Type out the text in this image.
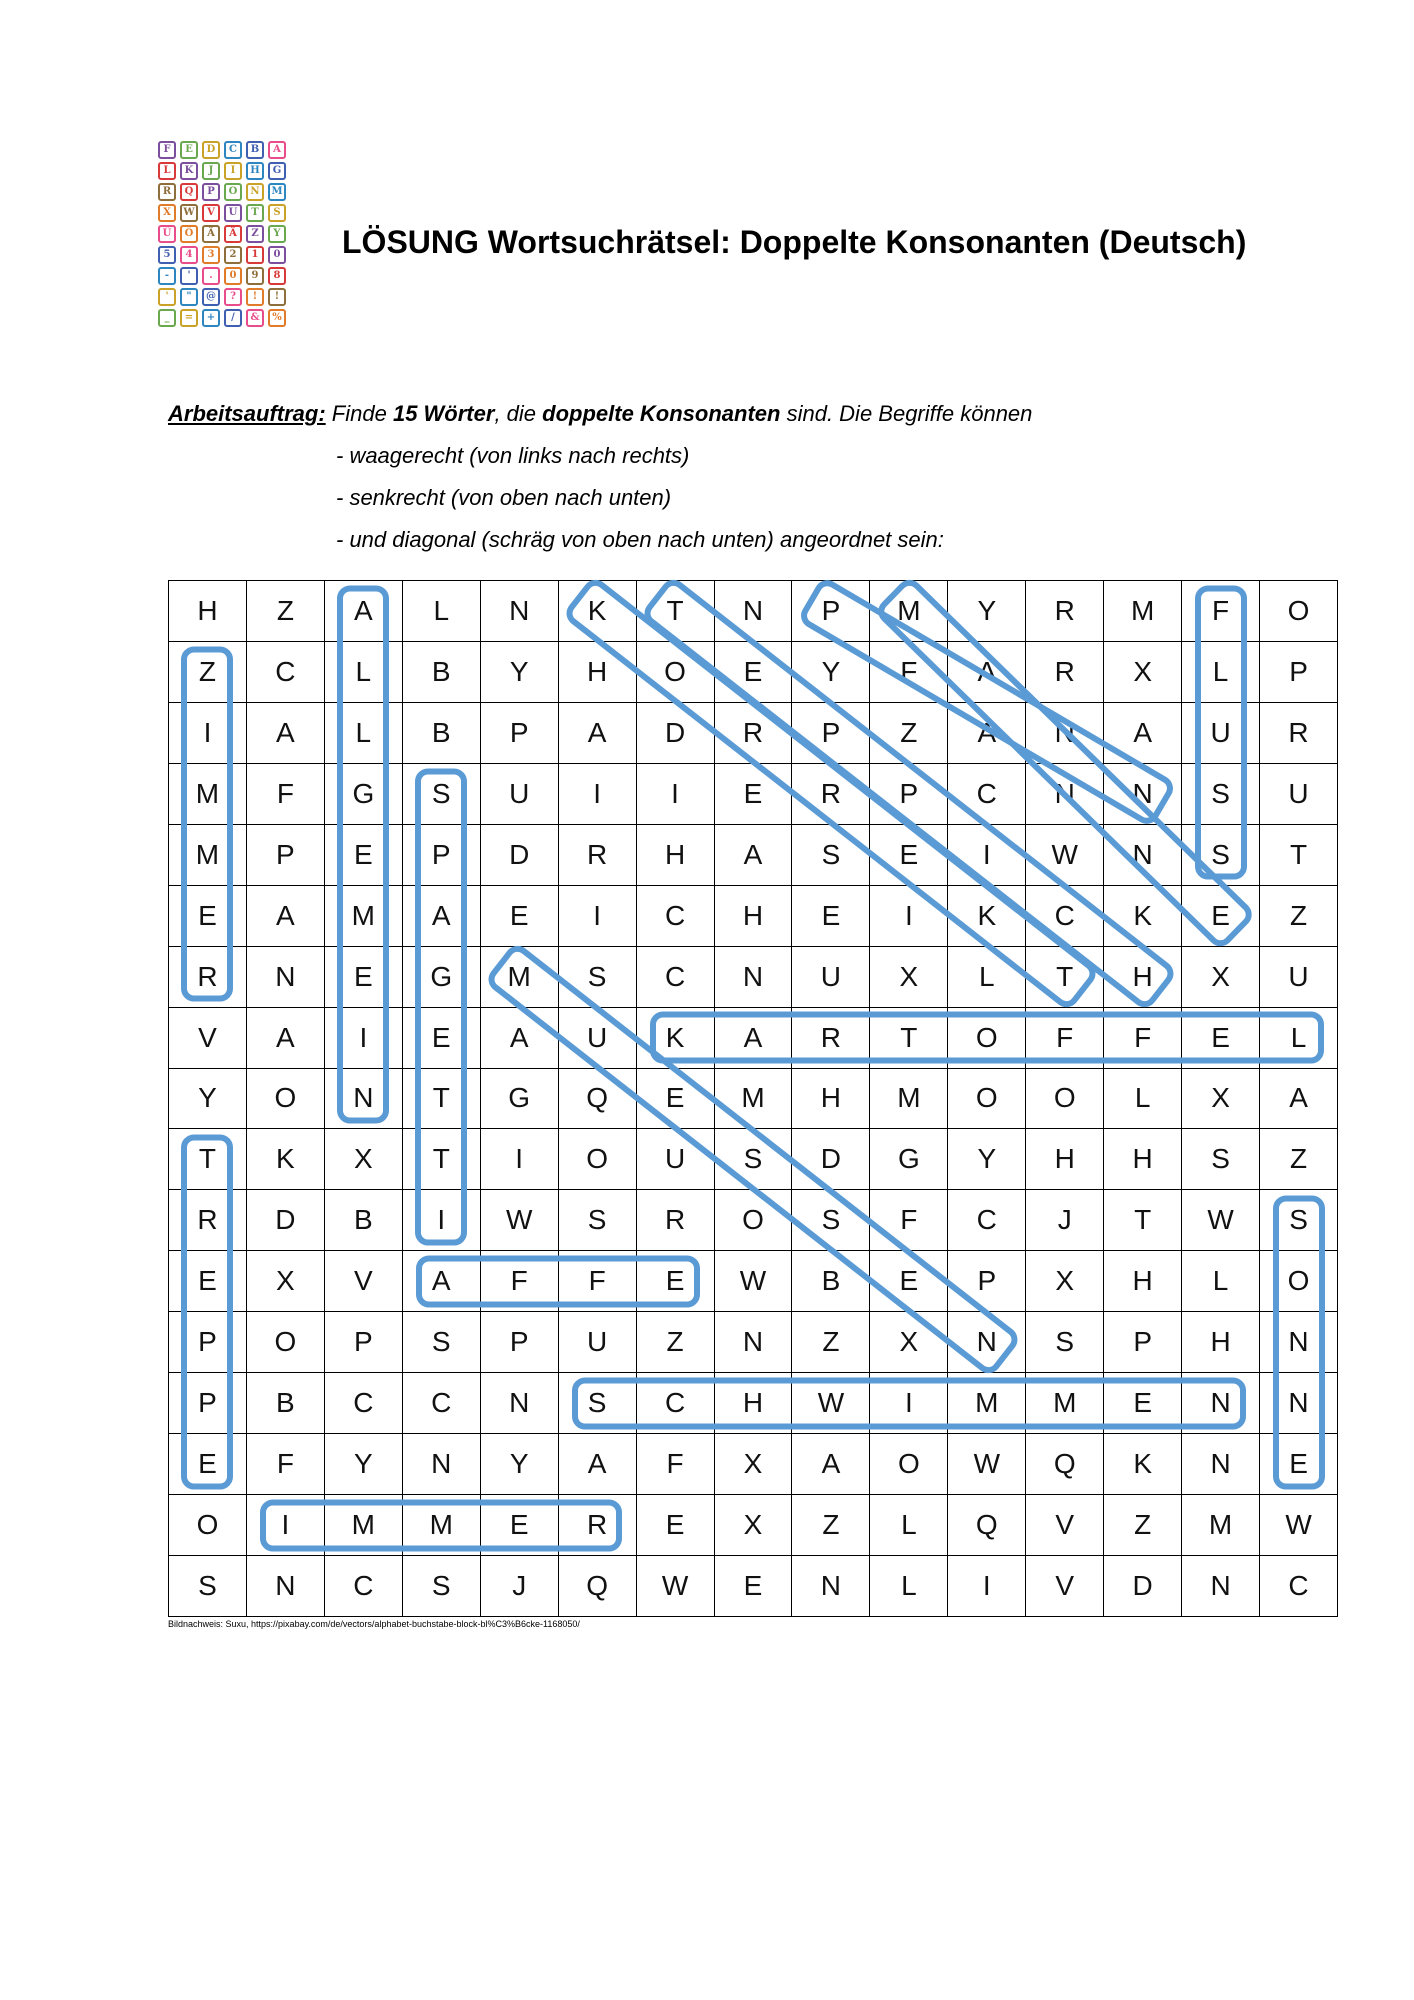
F	E	D	C	B	A
L	K	J	I	H	G
R	Q	P	O	N	M
X	W	V	U	T	S
Ü	Ö	Ä	Ä	Z	Y
5	4	3	2	1	0
-	'	.	0	9	8
'	"	@	?	!	!
_	=	+	/	&	%
LÖSUNG Wortsuchrätsel: Doppelte Konsonanten (Deutsch)
Arbeitsauftrag: Finde 15 Wörter, die doppelte Konsonanten sind. Die Begriffe können
- waagerecht (von links nach rechts)
- senkrecht (von oben nach unten)
- und diagonal (schräg von oben nach unten) angeordnet sein:
H	Z	A	L	N	K	T	N	P	M	Y	R	M	F	O
Z	C	L	B	Y	H	O	E	Y	F	A	R	X	L	P
I	A	L	B	P	A	D	R	P	Z	A	N	A	U	R
M	F	G	S	U	I	I	E	R	P	C	N	N	S	U
M	P	E	P	D	R	H	A	S	E	I	W	N	S	T
E	A	M	A	E	I	C	H	E	I	K	C	K	E	Z
R	N	E	G	M	S	C	N	U	X	L	T	H	X	U
V	A	I	E	A	U	K	A	R	T	O	F	F	E	L
Y	O	N	T	G	Q	E	M	H	M	O	O	L	X	A
T	K	X	T	I	O	U	S	D	G	Y	H	H	S	Z
R	D	B	I	W	S	R	O	S	F	C	J	T	W	S
E	X	V	A	F	F	E	W	B	E	P	X	H	L	O
P	O	P	S	P	U	Z	N	Z	X	N	S	P	H	N
P	B	C	C	N	S	C	H	W	I	M	M	E	N	N
E	F	Y	N	Y	A	F	X	A	O	W	Q	K	N	E
O	I	M	M	E	R	E	X	Z	L	Q	V	Z	M	W
S	N	C	S	J	Q	W	E	N	L	I	V	D	N	C
Bildnachweis: Suxu, https://pixabay.com/de/vectors/alphabet-buchstabe-block-bl%C3%B6cke-1168050/
